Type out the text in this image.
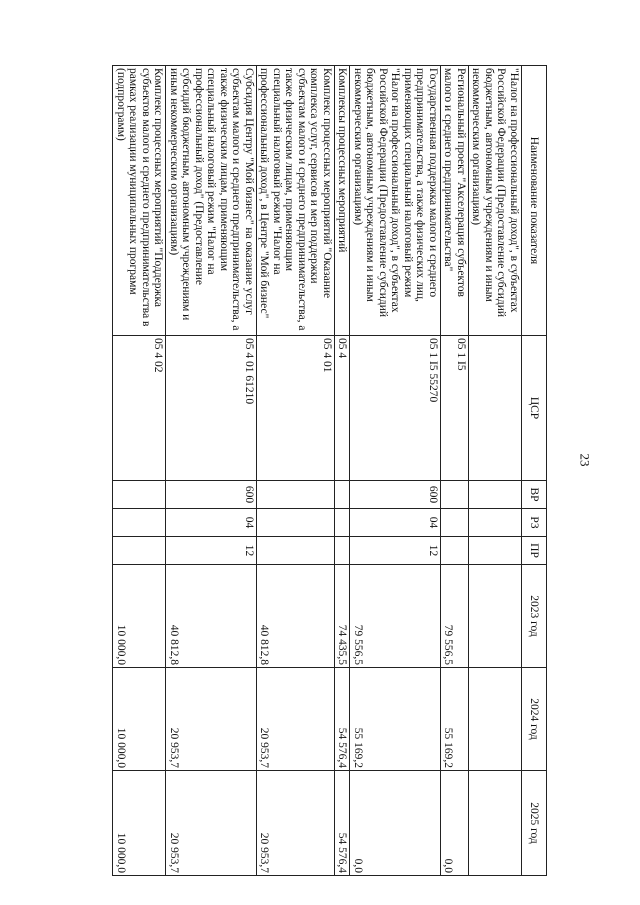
23
Наименование показателя	ЦСР	ВР	РЗ	ПР	2023 год	2024 год	2025 год
"Налог на профессиональный доход", в субъектах Российской Федерации (Предоставление субсидий бюджетным, автономным учреждениям и иным некоммерческим организациям)							
Региональный проект "Акселерация субъектов малого и среднего предпринимательства"	05 1 I5				79 556,5	55 169,2	0,0
Государственная поддержка малого и среднего предпринимательства, а также физических лиц, применяющих специальный налоговый режим "Налог на профессиональный доход", в субъектах Российской Федерации (Предоставление субсидий бюджетным, автономным учреждениям и иным некоммерческим организациям)	05 1 I5 55270	600	04	12	79 556,5	55 169,2	0,0
Комплексы процессных мероприятий	05 4				74 435,5	54 576,4	54 576,4
Комплекс процессных мероприятий "Оказание комплекса услуг, сервисов и мер поддержки субъектам малого и среднего предпринимательства, а также физическим лицам, применяющим специальный налоговый режим "Налог на профессиональный доход", в Центре "Мой бизнес"	05 4 01				40 812,8	20 953,7	20 953,7
Субсидия Центру "Мой бизнес" на оказание услуг субъектам малого и среднего предпринимательства, а также физическим лицам, применяющим специальный налоговый режим "Налог на профессиональный доход" (Предоставление субсидий бюджетным, автономным учреждениям и иным некоммерческим организациям)	05 4 01 61210	600	04	12	40 812,8	20 953,7	20 953,7
Комплекс процессных мероприятий "Поддержка субъектов малого и среднего предпринимательства в рамках реализации муниципальных программ (подпрограмм)	05 4 02				10 000,0	10 000,0	10 000,0
